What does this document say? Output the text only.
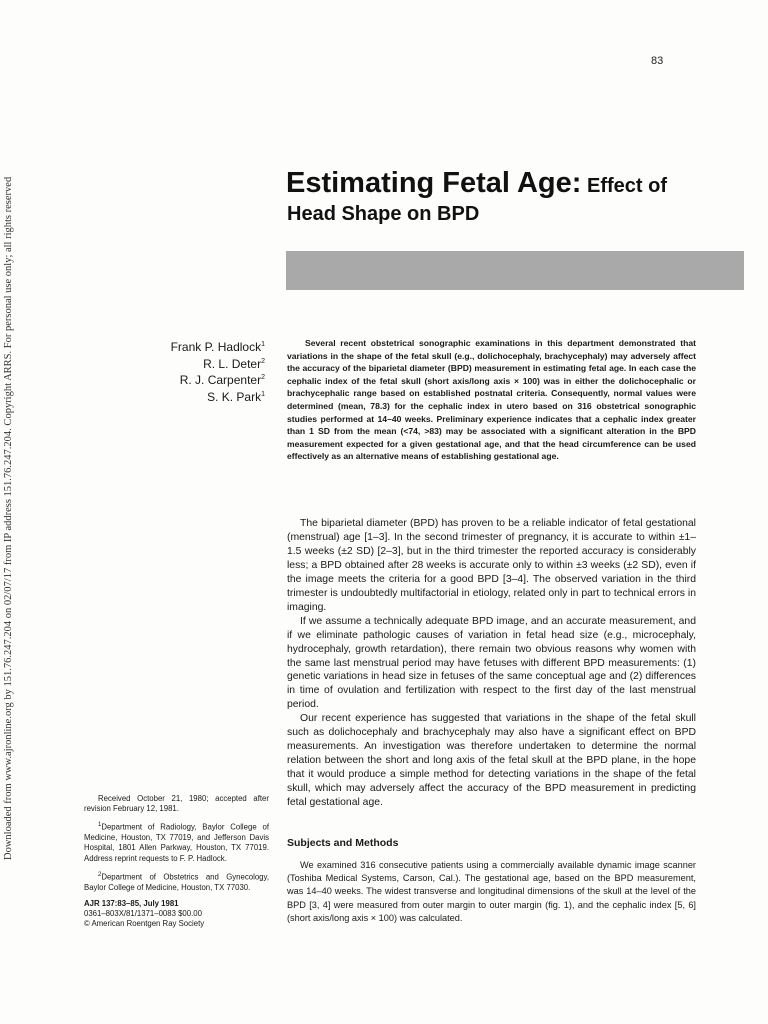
83
Downloaded from www.ajronline.org by 151.76.247.204 on 02/07/17 from IP address 151.76.247.204. Copyright ARRS. For personal use only; all rights reserved	Estimating Fetal Age: Effect of
Head Shape on BPD
Frank P. Hadlock$^1$
R. L. Deter$^2$
R. J. Carpenter$^2$
S. K. Park$^1$

Several recent obstetrical sonographic examinations in this department demonstrated that variations in the shape of the fetal skull (e.g., dolichocephaly, brachycephaly) may adversely affect the accuracy of the biparietal diameter (BPD) measurement in estimating fetal age. In each case the cephalic index of the fetal skull (short axis/long axis × 100) was in either the dolichocephalic or brachycephalic range based on established postnatal criteria. Consequently, normal values were determined (mean, 78.3) for the cephalic index in utero based on 316 obstetrical sonographic studies performed at 14–40 weeks. Preliminary experience indicates that a cephalic index greater than 1 SD from the mean (<74, >83) may be associated with a significant alteration in the BPD measurement expected for a given gestational age, and that the head circumference can be used effectively as an alternative means of establishing gestational age.

The biparietal diameter (BPD) has proven to be a reliable indicator of fetal gestational (menstrual) age [1–3]. In the second trimester of pregnancy, it is accurate to within ±1–1.5 weeks (±2 SD) [2–3], but in the third trimester the reported accuracy is considerably less; a BPD obtained after 28 weeks is accurate only to within ±3 weeks (±2 SD), even if the image meets the criteria for a good BPD [3–4]. The observed variation in the third trimester is undoubtedly multifactorial in etiology, related only in part to technical errors in imaging.

If we assume a technically adequate BPD image, and an accurate measurement, and if we eliminate pathologic causes of variation in fetal head size (e.g., microcephaly, hydrocephaly, growth retardation), there remain two obvious reasons why women with the same last menstrual period may have fetuses with different BPD measurements: (1) genetic variations in head size in fetuses of the same conceptual age and (2) differences in time of ovulation and fertilization with respect to the first day of the last menstrual period.

Our recent experience has suggested that variations in the shape of the fetal skull such as dolichocephaly and brachycephaly may also have a significant effect on BPD measurements. An investigation was therefore undertaken to determine the normal relation between the short and long axis of the fetal skull at the BPD plane, in the hope that it would produce a simple method for detecting variations in the shape of the fetal skull, which may adversely affect the accuracy of the BPD measurement in predicting fetal gestational age.

Subjects and Methods

We examined 316 consecutive patients using a commercially available dynamic image scanner (Toshiba Medical Systems, Carson, Cal.). The gestational age, based on the BPD measurement, was 14–40 weeks. The widest transverse and longitudinal dimensions of the skull at the level of the BPD [3, 4] were measured from outer margin to outer margin (fig. 1), and the cephalic index [5, 6] (short axis/long axis × 100) was calculated.

Received October 21, 1980; accepted after revision February 12, 1981.

$^1$Department of Radiology, Baylor College of Medicine, Houston, TX 77019, and Jefferson Davis Hospital, 1801 Allen Parkway, Houston, TX 77019. Address reprint requests to F. P. Hadlock.

$^2$Department of Obstetrics and Gynecology, Baylor College of Medicine, Houston, TX 77030.

AJR 137:83–85, July 1981

0361–803X/81/1371–0083 $00.00

© American Roentgen Ray Society
